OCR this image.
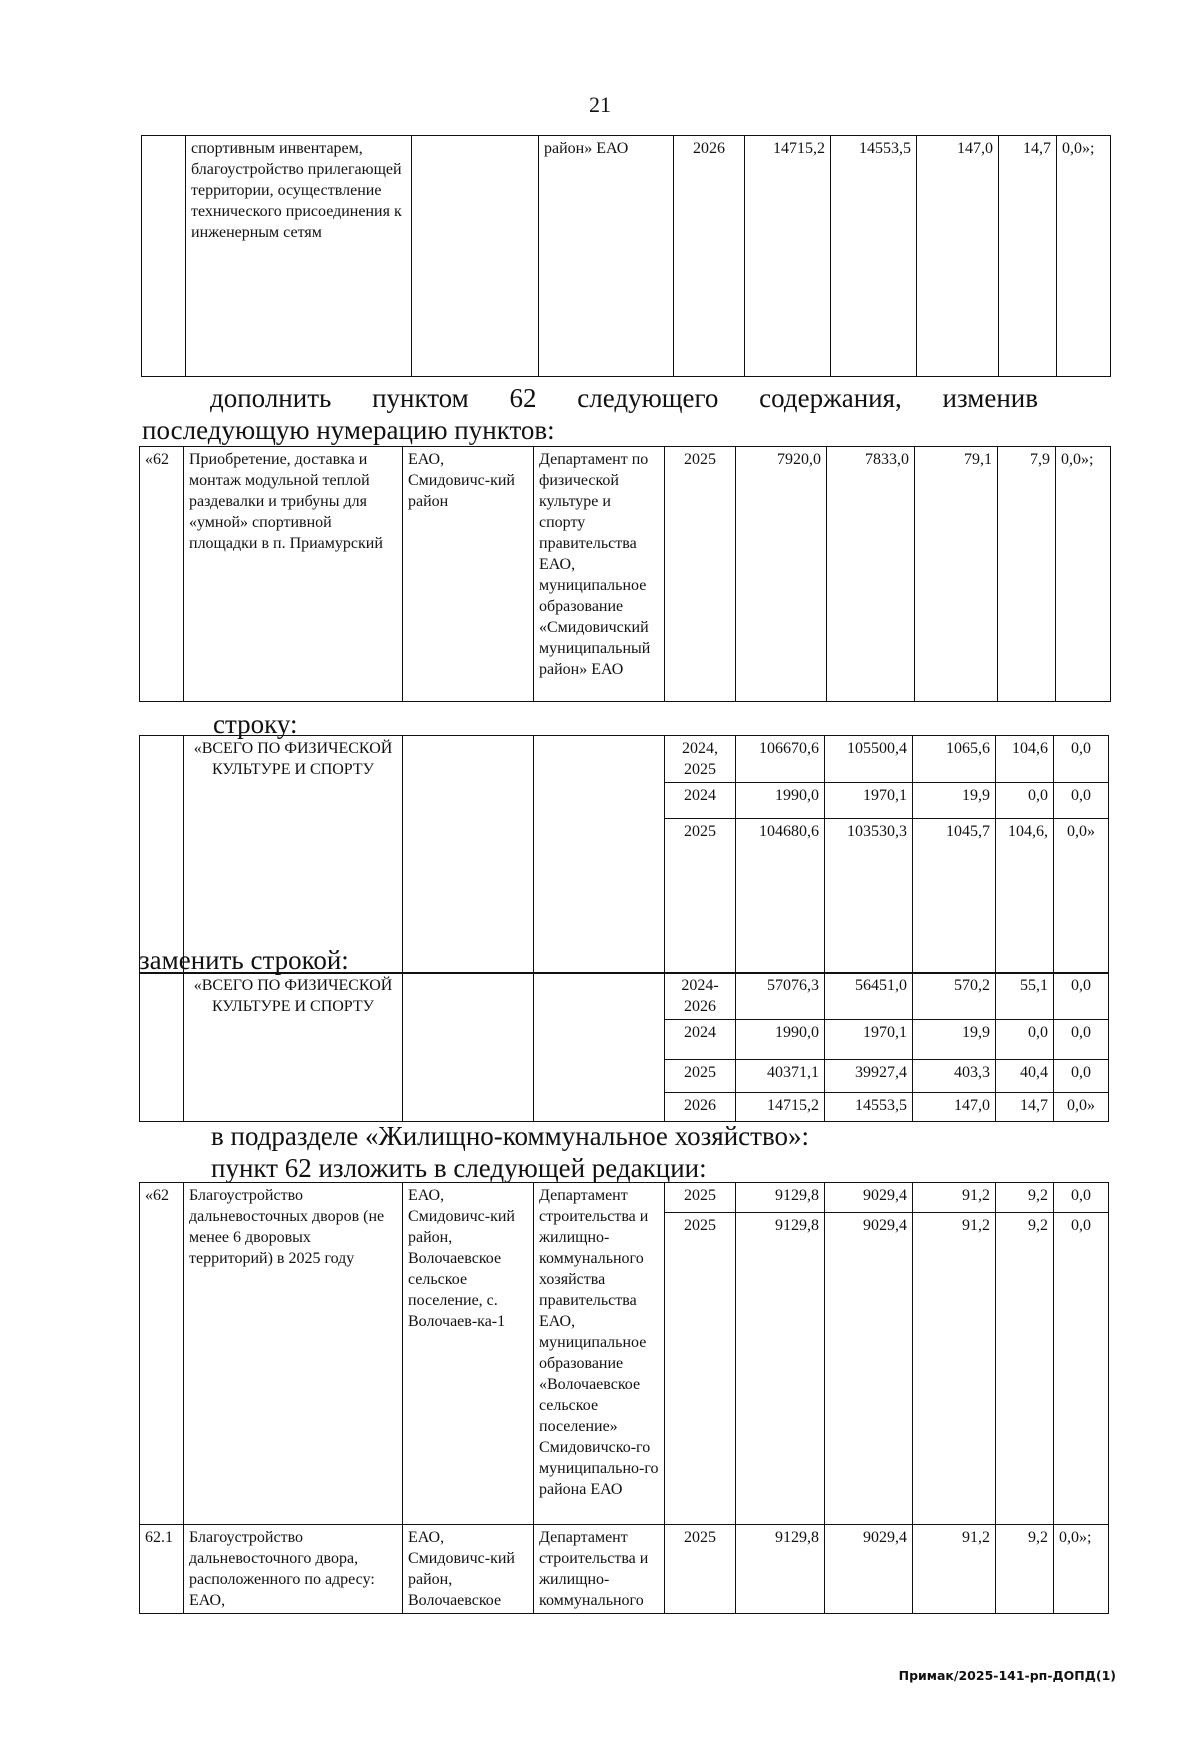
21
	спортивным инвентарем, благоустройство прилегающей территории, осуществление технического присоединения к инженерным сетям		район» ЕАО	2026	14715,2	14553,5	147,0	14,7	0,0»;
дополнить пунктом 62 следующего содержания, изменив
последующую нумерацию пунктов:
«62	Приобретение, доставка и монтаж модульной теплой раздевалки и трибуны для «умной» спортивной площадки в п. Приамурский	ЕАО, Смидовичс-кий район	Департамент по физической культуре и спорту правительства ЕАО, муниципальное образование «Смидовичский муниципальный район» ЕАО	2025	7920,0	7833,0	79,1	7,9	0,0»;
строку:
	«ВСЕГО ПО ФИЗИЧЕСКОЙ КУЛЬТУРЕ И СПОРТУ			2024, 2025	106670,6	105500,4	1065,6	104,6	0,0
				2024	1990,0	1970,1	19,9	0,0	0,0
				2025	104680,6	103530,3	1045,7	104,6,	0,0»
заменить строкой:
	«ВСЕГО ПО ФИЗИЧЕСКОЙ КУЛЬТУРЕ И СПОРТУ			2024-2026	57076,3	56451,0	570,2	55,1	0,0
				2024	1990,0	1970,1	19,9	0,0	0,0
				2025	40371,1	39927,4	403,3	40,4	0,0
				2026	14715,2	14553,5	147,0	14,7	0,0»
в подразделе «Жилищно-коммунальное хозяйство»:
пункт 62 изложить в следующей редакции:
«62	Благоустройство дальневосточных дворов (не менее 6 дворовых территорий) в 2025 году	ЕАО, Смидовичс-кий район, Волочаевское сельское поселение, с. Волочаев-ка-1	Департамент строительства и жилищно-коммунального хозяйства правительства ЕАО, муниципальное образование «Волочаевское сельское поселение» Смидовичско-го муниципально-го района ЕАО	2025	9129,8	9029,4	91,2	9,2	0,0
				2025	9129,8	9029,4	91,2	9,2	0,0
62.1	Благоустройство дальневосточного двора, расположенного по адресу: ЕАО,	ЕАО, Смидовичс-кий район, Волочаевское	Департамент строительства и жилищно-коммунального	2025	9129,8	9029,4	91,2	9,2	0,0»;
Примак/2025-141-рп-ДОПД(1)
